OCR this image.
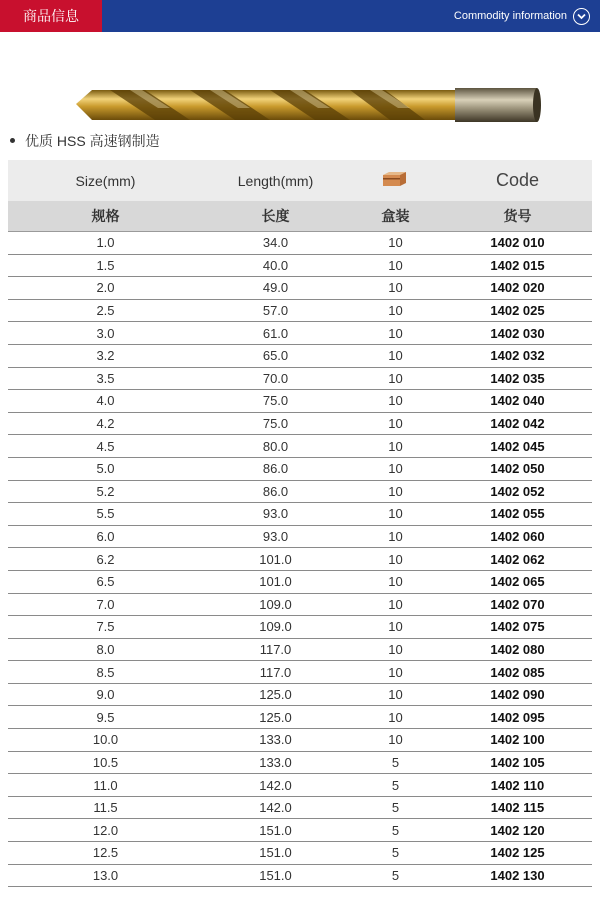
商品信息	Commodity information
优质 HSS 高速钢制造
Size(mm)	Length(mm)		Code
规格	长度	盒装	货号
1.0	34.0	10	1402 010
1.5	40.0	10	1402 015
2.0	49.0	10	1402 020
2.5	57.0	10	1402 025
3.0	61.0	10	1402 030
3.2	65.0	10	1402 032
3.5	70.0	10	1402 035
4.0	75.0	10	1402 040
4.2	75.0	10	1402 042
4.5	80.0	10	1402 045
5.0	86.0	10	1402 050
5.2	86.0	10	1402 052
5.5	93.0	10	1402 055
6.0	93.0	10	1402 060
6.2	101.0	10	1402 062
6.5	101.0	10	1402 065
7.0	109.0	10	1402 070
7.5	109.0	10	1402 075
8.0	117.0	10	1402 080
8.5	117.0	10	1402 085
9.0	125.0	10	1402 090
9.5	125.0	10	1402 095
10.0	133.0	10	1402 100
10.5	133.0	5	1402 105
11.0	142.0	5	1402 110
11.5	142.0	5	1402 115
12.0	151.0	5	1402 120
12.5	151.0	5	1402 125
13.0	151.0	5	1402 130
